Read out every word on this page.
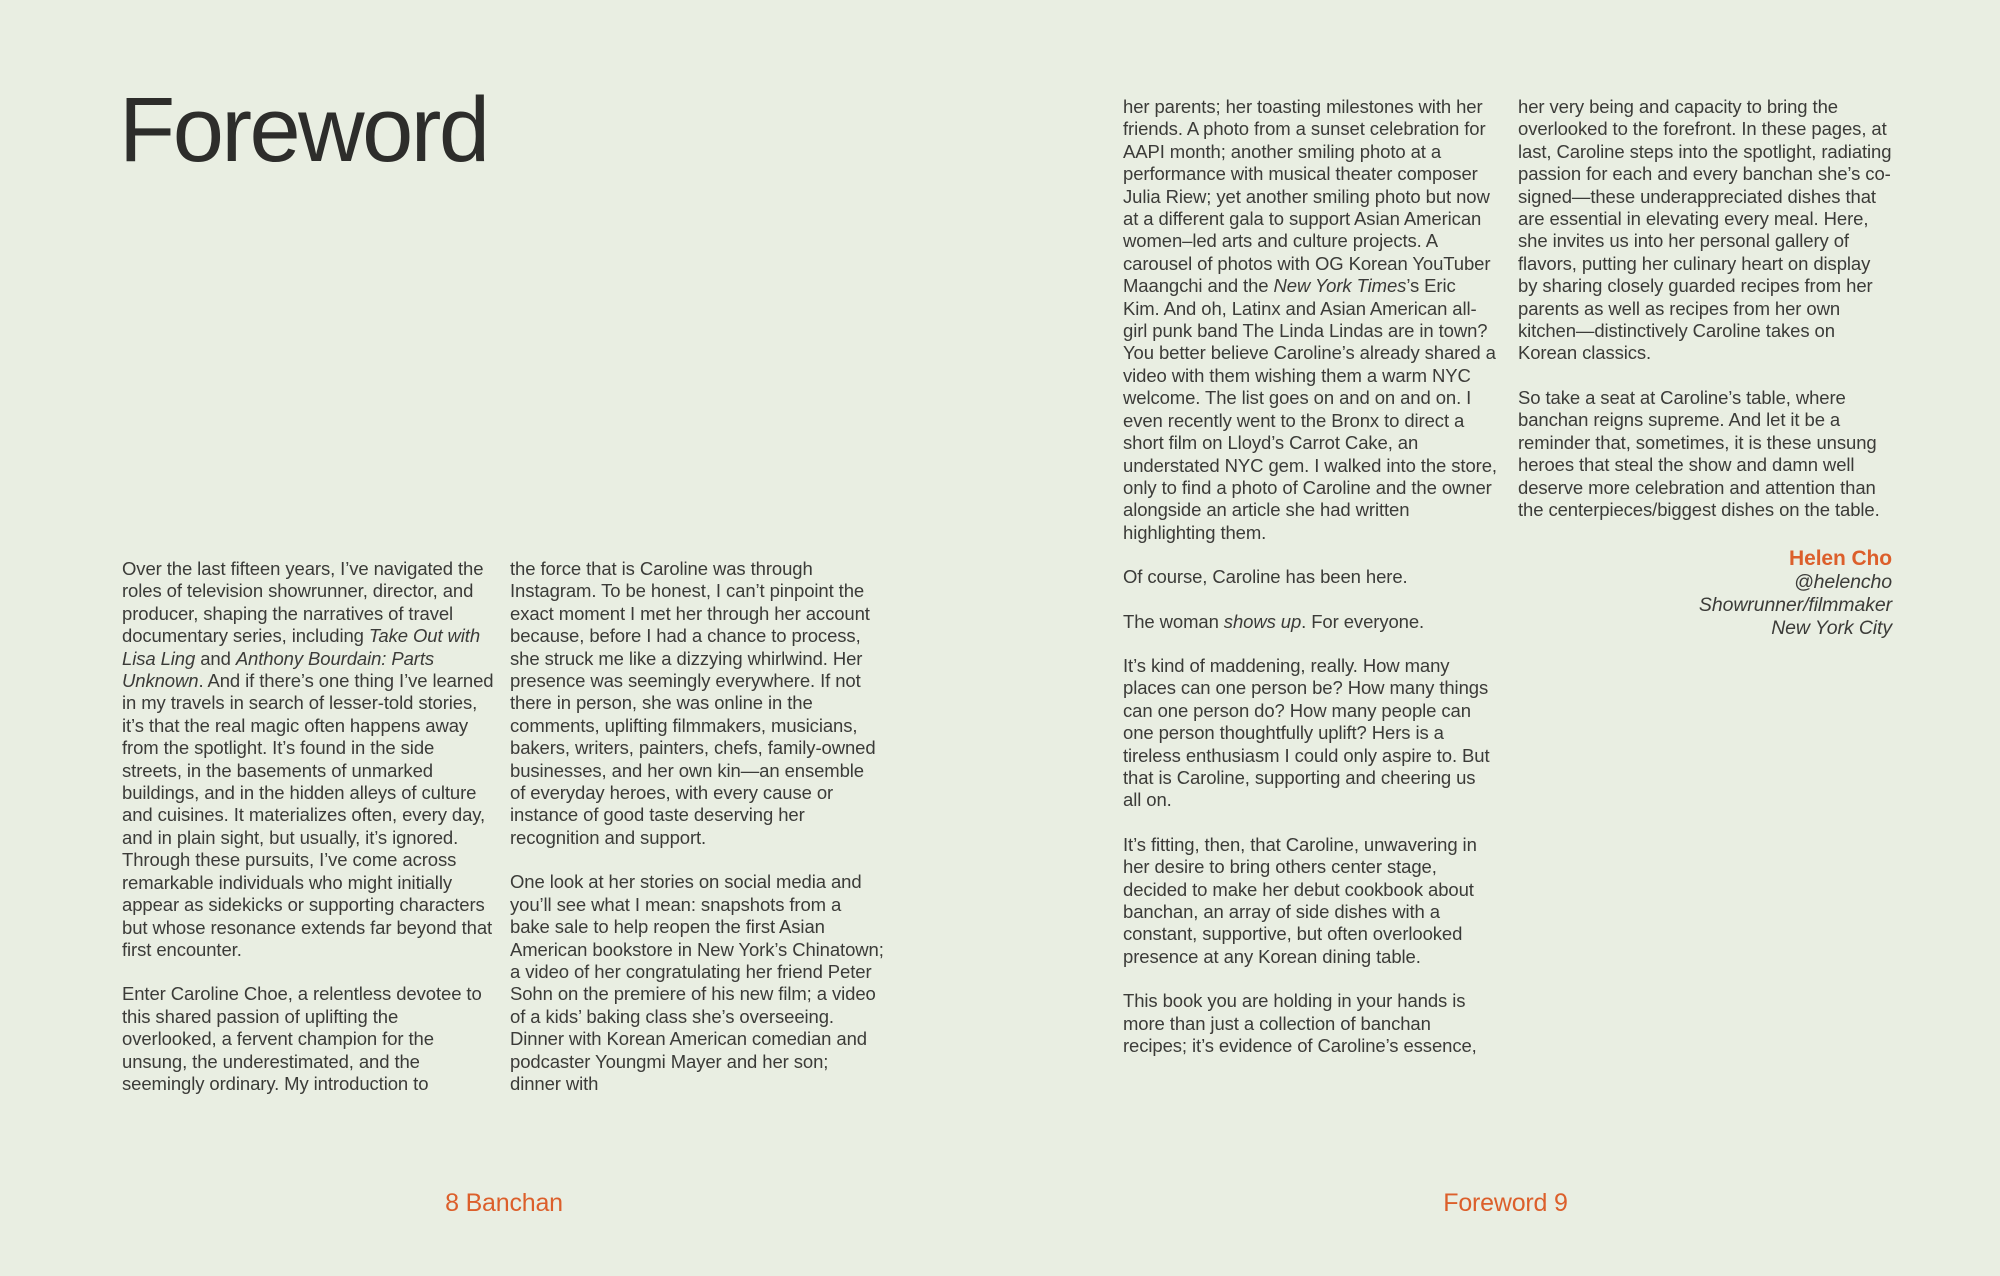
Foreword

Over the last fifteen years, I’ve navigated the roles of television showrunner, director, and producer, shaping the narratives of travel documentary series, including Take Out with Lisa Ling and Anthony Bourdain: Parts Unknown. And if there’s one thing I’ve learned in my travels in search of lesser-told stories, it’s that the real magic often happens away from the spotlight. It’s found in the side streets, in the basements of unmarked buildings, and in the hidden alleys of culture and cuisines. It materializes often, every day, and in plain sight, but usually, it’s ignored. Through these pursuits, I’ve come across remarkable individuals who might initially appear as sidekicks or supporting characters but whose resonance extends far beyond that first encounter.

Enter Caroline Choe, a relentless devotee to this shared passion of uplifting the overlooked, a fervent champion for the unsung, the underestimated, and the seemingly ordinary. My introduction to

the force that is Caroline was through Instagram. To be honest, I can’t pinpoint the exact moment I met her through her account because, before I had a chance to process, she struck me like a dizzying whirlwind. Her presence was seemingly everywhere. If not there in person, she was online in the comments, uplifting filmmakers, musicians, bakers, writers, painters, chefs, family-owned businesses, and her own kin—an ensemble of everyday heroes, with every cause or instance of good taste deserving her recognition and support.

One look at her stories on social media and you’ll see what I mean: snapshots from a bake sale to help reopen the first Asian American bookstore in New York’s Chinatown; a video of her congratulating her friend Peter Sohn on the premiere of his new film; a video of a kids’ baking class she’s overseeing. Dinner with Korean American comedian and podcaster Youngmi Mayer and her son; dinner with

her parents; her toasting milestones with her friends. A photo from a sunset celebration for AAPI month; another smiling photo at a performance with musical theater composer Julia Riew; yet another smiling photo but now at a different gala to support Asian American women–led arts and culture projects. A carousel of photos with OG Korean YouTuber Maangchi and the New York Times’s Eric Kim. And oh, Latinx and Asian American all-girl punk band The Linda Lindas are in town? You better believe Caroline’s already shared a video with them wishing them a warm NYC welcome. The list goes on and on and on. I even recently went to the Bronx to direct a short film on Lloyd’s Carrot Cake, an understated NYC gem. I walked into the store, only to find a photo of Caroline and the owner alongside an article she had written highlighting them.

Of course, Caroline has been here.

The woman shows up. For everyone.

It’s kind of maddening, really. How many places can one person be? How many things can one person do? How many people can one person thoughtfully uplift? Hers is a tireless enthusiasm I could only aspire to. But that is Caroline, supporting and cheering us all on.

It’s fitting, then, that Caroline, unwavering in her desire to bring others center stage, decided to make her debut cookbook about banchan, an array of side dishes with a constant, supportive, but often overlooked presence at any Korean dining table.

This book you are holding in your hands is more than just a collection of banchan recipes; it’s evidence of Caroline’s essence,

her very being and capacity to bring the overlooked to the forefront. In these pages, at last, Caroline steps into the spotlight, radiating passion for each and every banchan she’s co-signed—these underappreciated dishes that are essential in elevating every meal. Here, she invites us into her personal gallery of flavors, putting her culinary heart on display by sharing closely guarded recipes from her parents as well as recipes from her own kitchen—distinctively Caroline takes on Korean classics.

So take a seat at Caroline’s table, where banchan reigns supreme. And let it be a reminder that, sometimes, it is these unsung heroes that steal the show and damn well deserve more celebration and attention than the centerpieces/biggest dishes on the table.

Helen Cho
@helencho
Showrunner/filmmaker
New York City
8 Banchan	Foreword 9
